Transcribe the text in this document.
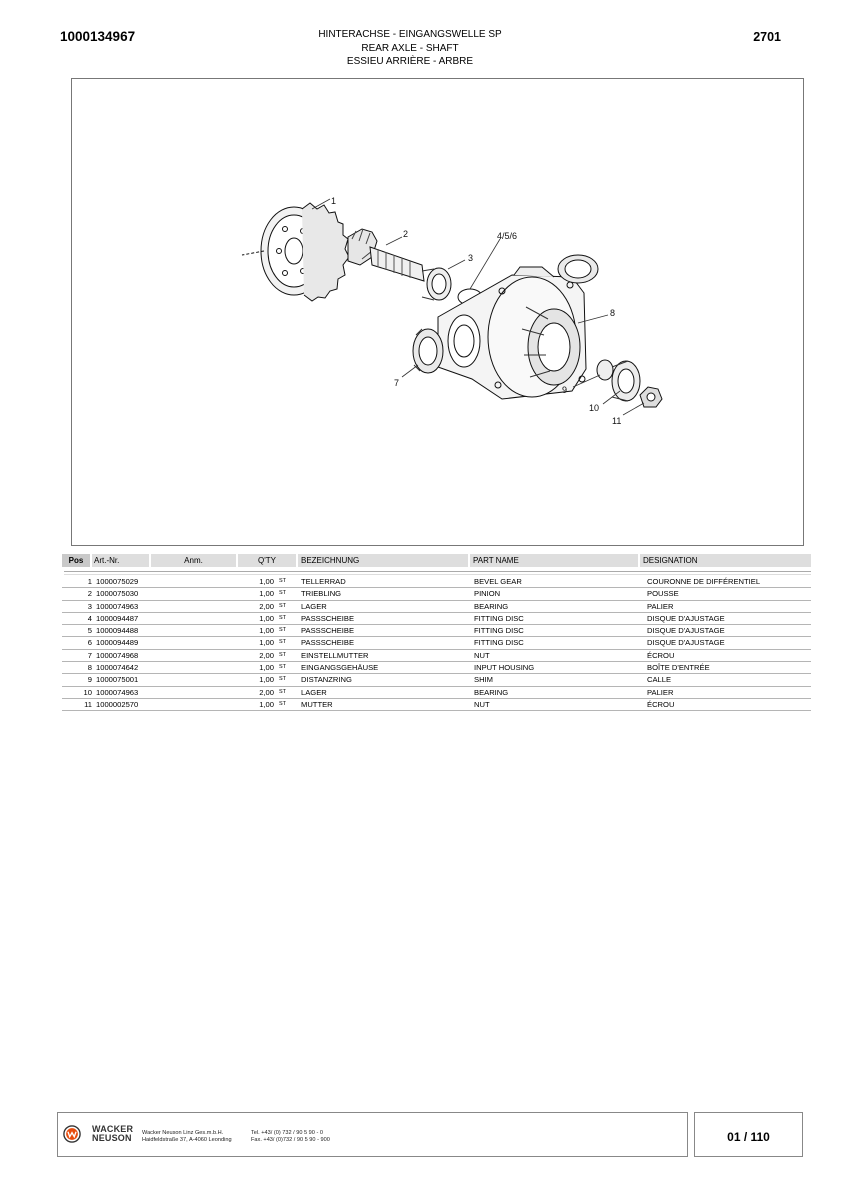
1000134967	HINTERACHSE - EINGANGSWELLE SP
REAR AXLE - SHAFT
ESSIEU ARRIÈRE - ARBRE
2701
1
2
3
4/5/6
7
8
9
10
11
Pos	Art.-Nr.	Anm.	Q'TY	BEZEICHNUNG	PART NAME	DESIGNATION
1 1000075029	1,00 ST TELLERRAD	BEVEL GEAR	COURONNE DE DIFFÉRENTIEL
2 1000075030	1,00 ST TRIEBLING	PINION	POUSSE
3 1000074963	2,00 ST LAGER	BEARING	PALIER
4 1000094487	1,00 ST PASSSCHEIBE	FITTING DISC	DISQUE D'AJUSTAGE
5 1000094488	1,00 ST PASSSCHEIBE	FITTING DISC	DISQUE D'AJUSTAGE
6 1000094489	1,00 ST PASSSCHEIBE	FITTING DISC	DISQUE D'AJUSTAGE
7 1000074968	2,00 ST EINSTELLMUTTER	NUT	ÉCROU
8 1000074642	1,00 ST EINGANGSGEHÄUSE	INPUT HOUSING	BOÎTE D'ENTRÉE
9 1000075001	1,00 ST DISTANZRING	SHIM	CALLE
10 1000074963	2,00 ST LAGER	BEARING	PALIER
11 1000002570	1,00 ST MUTTER	NUT	ÉCROU
WACKER
NEUSON Wacker Neuson Linz Ges.m.b.H.
Haidfeldstraße 37, A-4060 Leonding
Tel. +43/ (0) 732 / 90 5 90 - 0
Fax. +43/ (0)732 / 90 5 90 - 900	01 / 110
